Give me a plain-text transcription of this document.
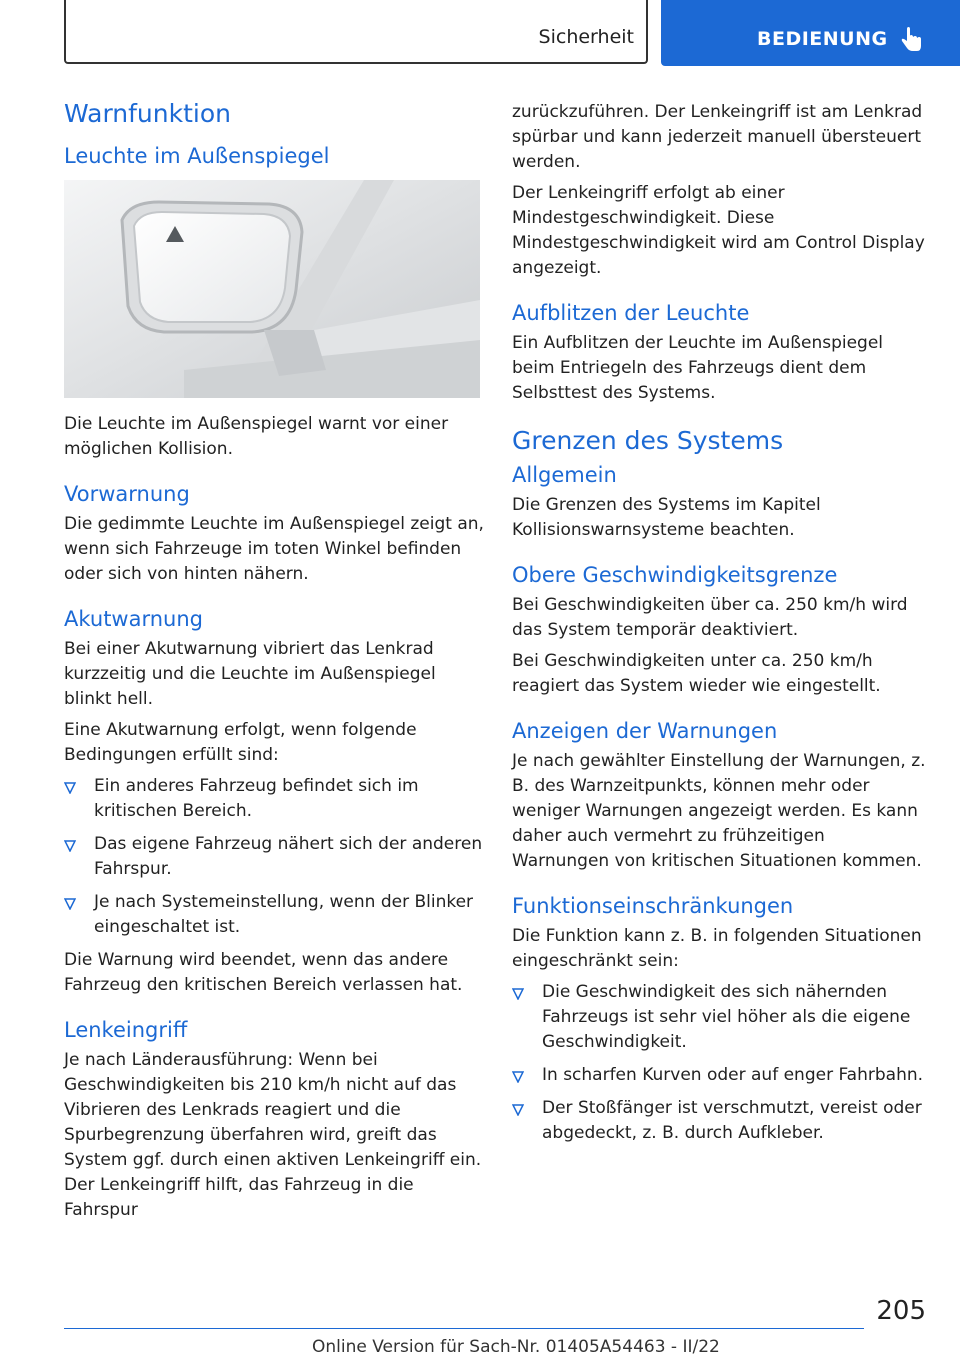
Sicherheit	BEDIENUNG
Warnfunktion
Leuchte im Außenspiegel

Die Leuchte im Außenspiegel warnt vor einer möglichen Kollision.

Vorwarnung

Die gedimmte Leuchte im Außenspiegel zeigt an, wenn sich Fahrzeuge im toten Winkel befinden oder sich von hinten nähern.

Akutwarnung

Bei einer Akutwarnung vibriert das Lenkrad kurzzeitig und die Leuchte im Außenspiegel blinkt hell.

Eine Akutwarnung erfolgt, wenn folgende Bedingungen erfüllt sind:

Ein anderes Fahrzeug befindet sich im kritischen Bereich.
Das eigene Fahrzeug nähert sich der anderen Fahrspur.
Je nach Systemeinstellung, wenn der Blinker eingeschaltet ist.

Die Warnung wird beendet, wenn das andere Fahrzeug den kritischen Bereich verlassen hat.

Lenkeingriff

Je nach Länderausführung: Wenn bei Geschwindigkeiten bis 210 km/h nicht auf das Vibrieren des Lenkrads reagiert und die Spurbegrenzung überfahren wird, greift das System ggf. durch einen aktiven Lenkeingriff ein. Der Lenkeingriff hilft, das Fahrzeug in die Fahrspur

zurückzuführen. Der Lenkeingriff ist am Lenkrad spürbar und kann jederzeit manuell übersteuert werden.

Der Lenkeingriff erfolgt ab einer Mindestgeschwindigkeit. Diese Mindestgeschwindigkeit wird am Control Display angezeigt.

Aufblitzen der Leuchte

Ein Aufblitzen der Leuchte im Außenspiegel beim Entriegeln des Fahrzeugs dient dem Selbsttest des Systems.

Grenzen des Systems
Allgemein

Die Grenzen des Systems im Kapitel Kollisionswarnsysteme beachten.

Obere Geschwindigkeitsgrenze

Bei Geschwindigkeiten über ca. 250 km/h wird das System temporär deaktiviert.

Bei Geschwindigkeiten unter ca. 250 km/h reagiert das System wieder wie eingestellt.

Anzeigen der Warnungen

Je nach gewählter Einstellung der Warnungen, z. B. des Warnzeitpunkts, können mehr oder weniger Warnungen angezeigt werden. Es kann daher auch vermehrt zu frühzeitigen Warnungen von kritischen Situationen kommen.

Funktionseinschränkungen

Die Funktion kann z. B. in folgenden Situationen eingeschränkt sein:

Die Geschwindigkeit des sich nähernden Fahrzeugs ist sehr viel höher als die eigene Geschwindigkeit.
In scharfen Kurven oder auf enger Fahrbahn.
Der Stoßfänger ist verschmutzt, vereist oder abgedeckt, z. B. durch Aufkleber.
205
Online Version für Sach-Nr. 01405A54463 - II/22
